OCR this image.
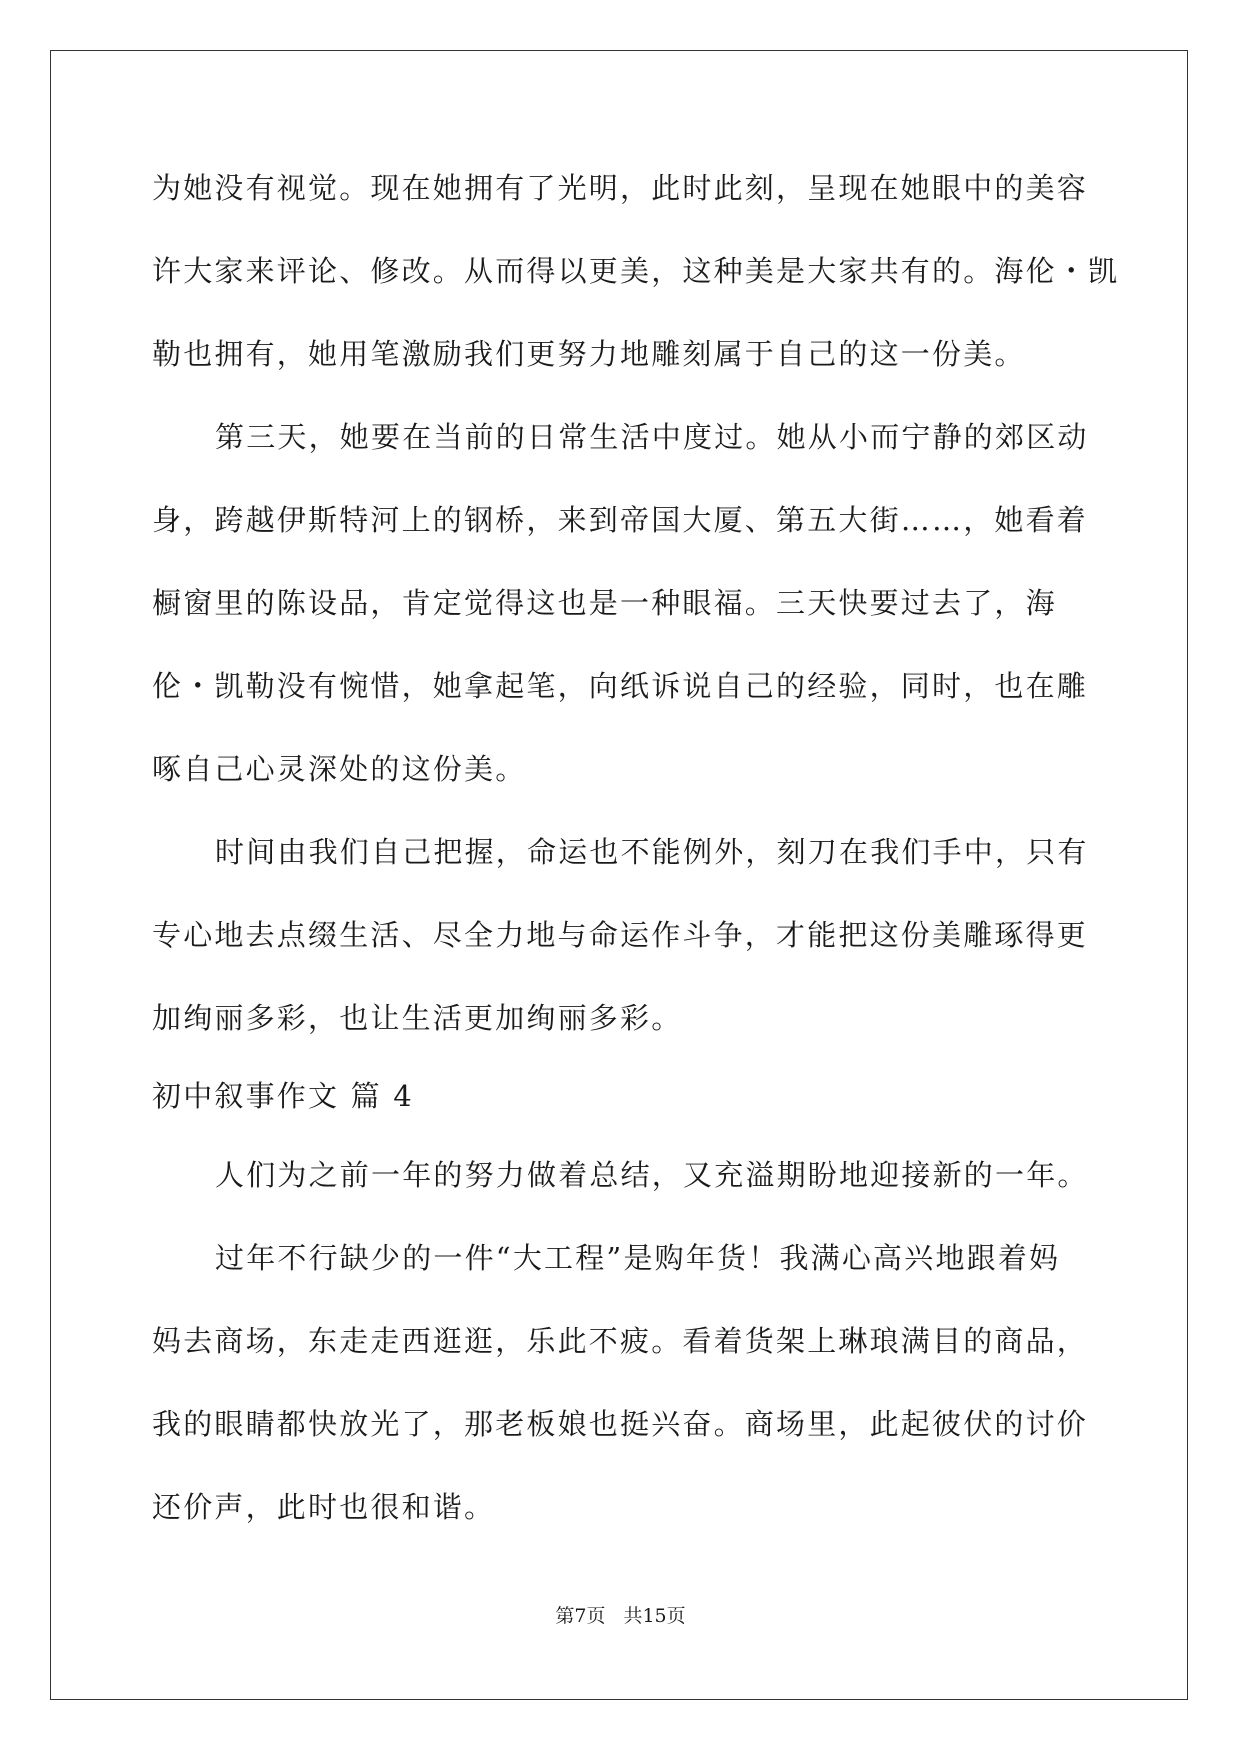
为她没有视觉。现在她拥有了光明，此时此刻，呈现在她眼中的美容
许大家来评论、修改。从而得以更美，这种美是大家共有的。海伦・凯
勒也拥有，她用笔激励我们更努力地雕刻属于自己的这一份美。
第三天，她要在当前的日常生活中度过。她从小而宁静的郊区动
身，跨越伊斯特河上的钢桥，来到帝国大厦、第五大街……，她看着
橱窗里的陈设品，肯定觉得这也是一种眼福。三天快要过去了，海
伦・凯勒没有惋惜，她拿起笔，向纸诉说自己的经验，同时，也在雕
啄自己心灵深处的这份美。
时间由我们自己把握，命运也不能例外，刻刀在我们手中，只有
专心地去点缀生活、尽全力地与命运作斗争，才能把这份美雕琢得更
加绚丽多彩，也让生活更加绚丽多彩。
初中叙事作文 篇 4
人们为之前一年的努力做着总结，又充溢期盼地迎接新的一年。
过年不行缺少的一件“大工程”是购年货！我满心高兴地跟着妈
妈去商场，东走走西逛逛，乐此不疲。看着货架上琳琅满目的商品，
我的眼睛都快放光了，那老板娘也挺兴奋。商场里，此起彼伏的讨价
还价声，此时也很和谐。
第7页 共15页
